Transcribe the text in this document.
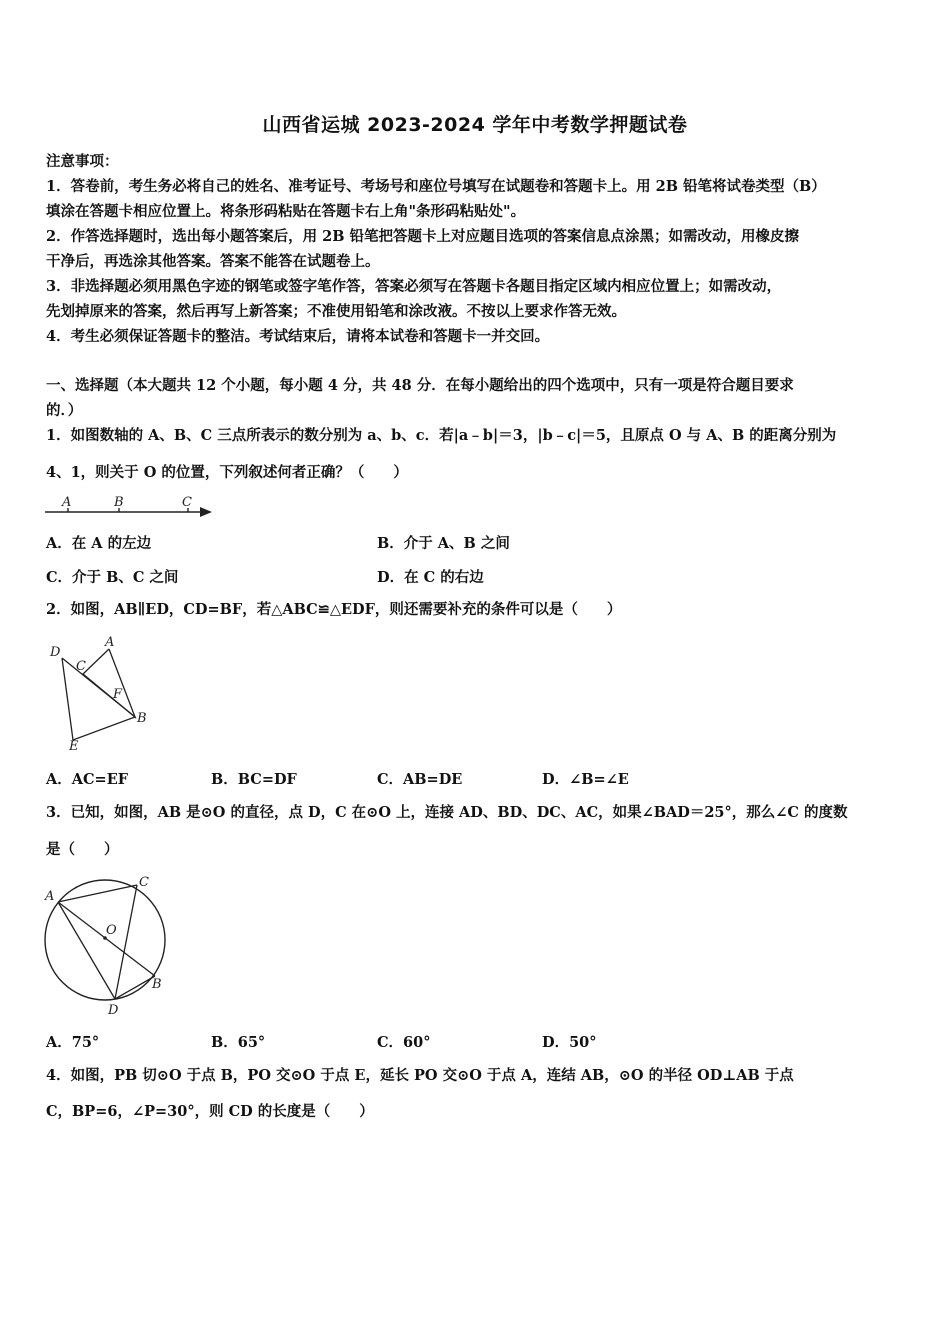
山西省运城 2023-2024 学年中考数学押题试卷
注意事项：
1．答卷前，考生务必将自己的姓名、准考证号、考场号和座位号填写在试题卷和答题卡上。用 2B 铅笔将试卷类型（B）
填涂在答题卡相应位置上。将条形码粘贴在答题卡右上角"条形码粘贴处"。
2．作答选择题时，选出每小题答案后，用 2B 铅笔把答题卡上对应题目选项的答案信息点涂黑；如需改动，用橡皮擦
干净后，再选涂其他答案。答案不能答在试题卷上。
3．非选择题必须用黑色字迹的钢笔或签字笔作答，答案必须写在答题卡各题目指定区域内相应位置上；如需改动，
先划掉原来的答案，然后再写上新答案；不准使用铅笔和涂改液。不按以上要求作答无效。
4．考生必须保证答题卡的整洁。考试结束后，请将本试卷和答题卡一并交回。
一、选择题（本大题共 12 个小题，每小题 4 分，共 48 分．在每小题给出的四个选项中，只有一项是符合题目要求
的．）
1．如图数轴的 A、B、C 三点所表示的数分别为 a、b、c．若|a﹣b|＝3，|b﹣c|＝5，且原点 O 与 A、B 的距离分别为
4、1，则关于 O 的位置，下列叙述何者正确？（　　）
A	B	C
A．在 A 的左边	B．介于 A、B 之间
C．介于 B、C 之间	D．在 C 的右边
2．如图，AB∥ED，CD=BF，若△ABC≌△EDF，则还需要补充的条件可以是（　　）
D
C
A
F
B
E
A．AC=EF	B．BC=DF	C．AB=DE	D．∠B=∠E
3．已知，如图，AB 是⊙O 的直径，点 D，C 在⊙O 上，连接 AD、BD、DC、AC，如果∠BAD＝25°，那么∠C 的度数
是（　　）
A
C
O
B
D
A．75°	B．65°	C．60°	D．50°
4．如图，PB 切⊙O 于点 B，PO 交⊙O 于点 E，延长 PO 交⊙O 于点 A，连结 AB，⊙O 的半径 OD⊥AB 于点
C，BP=6，∠P=30°，则 CD 的长度是（　　）
